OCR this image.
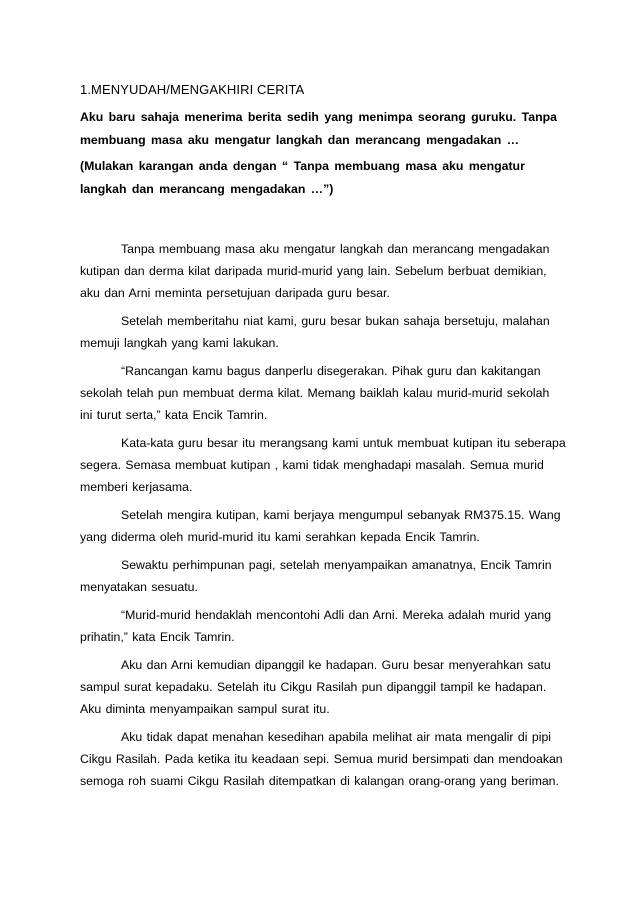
1.MENYUDAH/MENGAKHIRI CERITA
Aku baru sahaja menerima berita sedih yang menimpa seorang guruku. Tanpa membuang masa aku mengatur langkah dan merancang mengadakan …
(Mulakan karangan anda dengan “ Tanpa membuang masa aku mengatur langkah dan merancang mengadakan …”)

Tanpa membuang masa aku mengatur langkah dan merancang mengadakan kutipan dan derma kilat daripada murid-murid yang lain. Sebelum berbuat demikian, aku dan Arni meminta persetujuan daripada guru besar.

Setelah memberitahu niat kami, guru besar bukan sahaja bersetuju, malahan memuji langkah yang kami lakukan.

“Rancangan kamu bagus danperlu disegerakan. Pihak guru dan kakitangan sekolah telah pun membuat derma kilat. Memang baiklah kalau murid-murid sekolah ini turut serta,” kata Encik Tamrin.

Kata-kata guru besar itu merangsang kami untuk membuat kutipan itu seberapa segera. Semasa membuat kutipan , kami tidak menghadapi masalah. Semua murid memberi kerjasama.

Setelah mengira kutipan, kami berjaya mengumpul sebanyak RM375.15. Wang yang diderma oleh murid-murid itu kami serahkan kepada Encik Tamrin.

Sewaktu perhimpunan pagi, setelah menyampaikan amanatnya, Encik Tamrin menyatakan sesuatu.

“Murid-murid hendaklah mencontohi Adli dan Arni. Mereka adalah murid yang prihatin,” kata Encik Tamrin.

Aku dan Arni kemudian dipanggil ke hadapan. Guru besar menyerahkan satu sampul surat kepadaku. Setelah itu Cikgu Rasilah pun dipanggil tampil ke hadapan. Aku diminta menyampaikan sampul surat itu.

Aku tidak dapat menahan kesedihan apabila melihat air mata mengalir di pipi Cikgu Rasilah. Pada ketika itu keadaan sepi. Semua murid bersimpati dan mendoakan semoga roh suami Cikgu Rasilah ditempatkan di kalangan orang-orang yang beriman.
